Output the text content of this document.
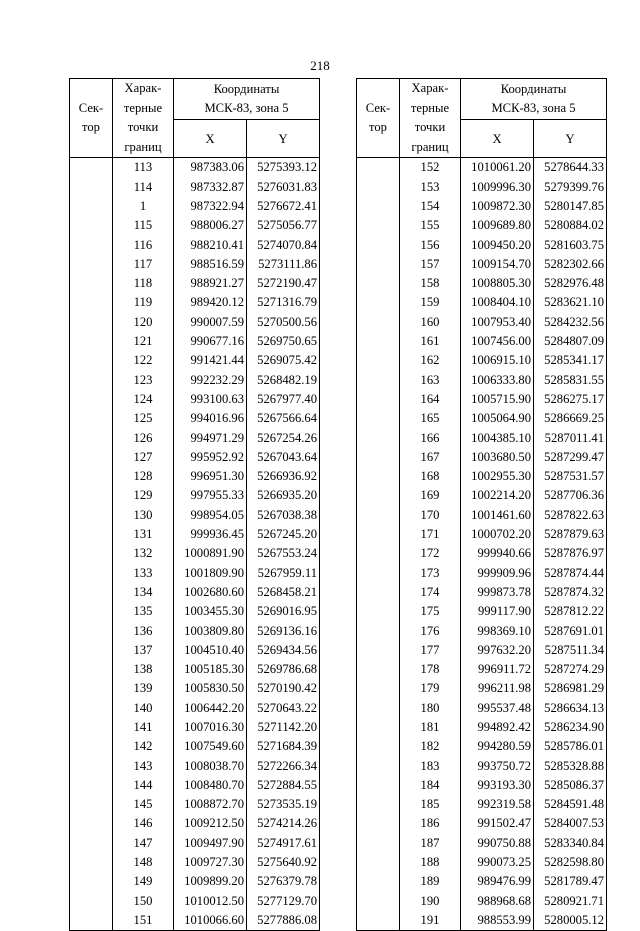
218
Сек-
тор	Харак-
терные
точки
границ	Координаты
МСК-83, зона 5	
		X	Y
	113	987383.06	5275393.12
	114	987332.87	5276031.83
	1	987322.94	5276672.41
	115	988006.27	5275056.77
	116	988210.41	5274070.84
	117	988516.59	5273111.86
	118	988921.27	5272190.47
	119	989420.12	5271316.79
	120	990007.59	5270500.56
	121	990677.16	5269750.65
	122	991421.44	5269075.42
	123	992232.29	5268482.19
	124	993100.63	5267977.40
	125	994016.96	5267566.64
	126	994971.29	5267254.26
	127	995952.92	5267043.64
	128	996951.30	5266936.92
	129	997955.33	5266935.20
	130	998954.05	5267038.38
	131	999936.45	5267245.20
	132	1000891.90	5267553.24
	133	1001809.90	5267959.11
	134	1002680.60	5268458.21
	135	1003455.30	5269016.95
	136	1003809.80	5269136.16
	137	1004510.40	5269434.56
	138	1005185.30	5269786.68
	139	1005830.50	5270190.42
	140	1006442.20	5270643.22
	141	1007016.30	5271142.20
	142	1007549.60	5271684.39
	143	1008038.70	5272266.34
	144	1008480.70	5272884.55
	145	1008872.70	5273535.19
	146	1009212.50	5274214.26
	147	1009497.90	5274917.61
	148	1009727.30	5275640.92
	149	1009899.20	5276379.78
	150	1010012.50	5277129.70
	151	1010066.60	5277886.08
Сек-
тор	Харак-
терные
точки
границ	Координаты
МСК-83, зона 5	
		X	Y
	152	1010061.20	5278644.33
	153	1009996.30	5279399.76
	154	1009872.30	5280147.85
	155	1009689.80	5280884.02
	156	1009450.20	5281603.75
	157	1009154.70	5282302.66
	158	1008805.30	5282976.48
	159	1008404.10	5283621.10
	160	1007953.40	5284232.56
	161	1007456.00	5284807.09
	162	1006915.10	5285341.17
	163	1006333.80	5285831.55
	164	1005715.90	5286275.17
	165	1005064.90	5286669.25
	166	1004385.10	5287011.41
	167	1003680.50	5287299.47
	168	1002955.30	5287531.57
	169	1002214.20	5287706.36
	170	1001461.60	5287822.63
	171	1000702.20	5287879.63
	172	999940.66	5287876.97
	173	999909.96	5287874.44
	174	999873.78	5287874.32
	175	999117.90	5287812.22
	176	998369.10	5287691.01
	177	997632.20	5287511.34
	178	996911.72	5287274.29
	179	996211.98	5286981.29
	180	995537.48	5286634.13
	181	994892.42	5286234.90
	182	994280.59	5285786.01
	183	993750.72	5285328.88
	184	993193.30	5285086.37
	185	992319.58	5284591.48
	186	991502.47	5284007.53
	187	990750.88	5283340.84
	188	990073.25	5282598.80
	189	989476.99	5281789.47
	190	988968.68	5280921.71
	191	988553.99	5280005.12
